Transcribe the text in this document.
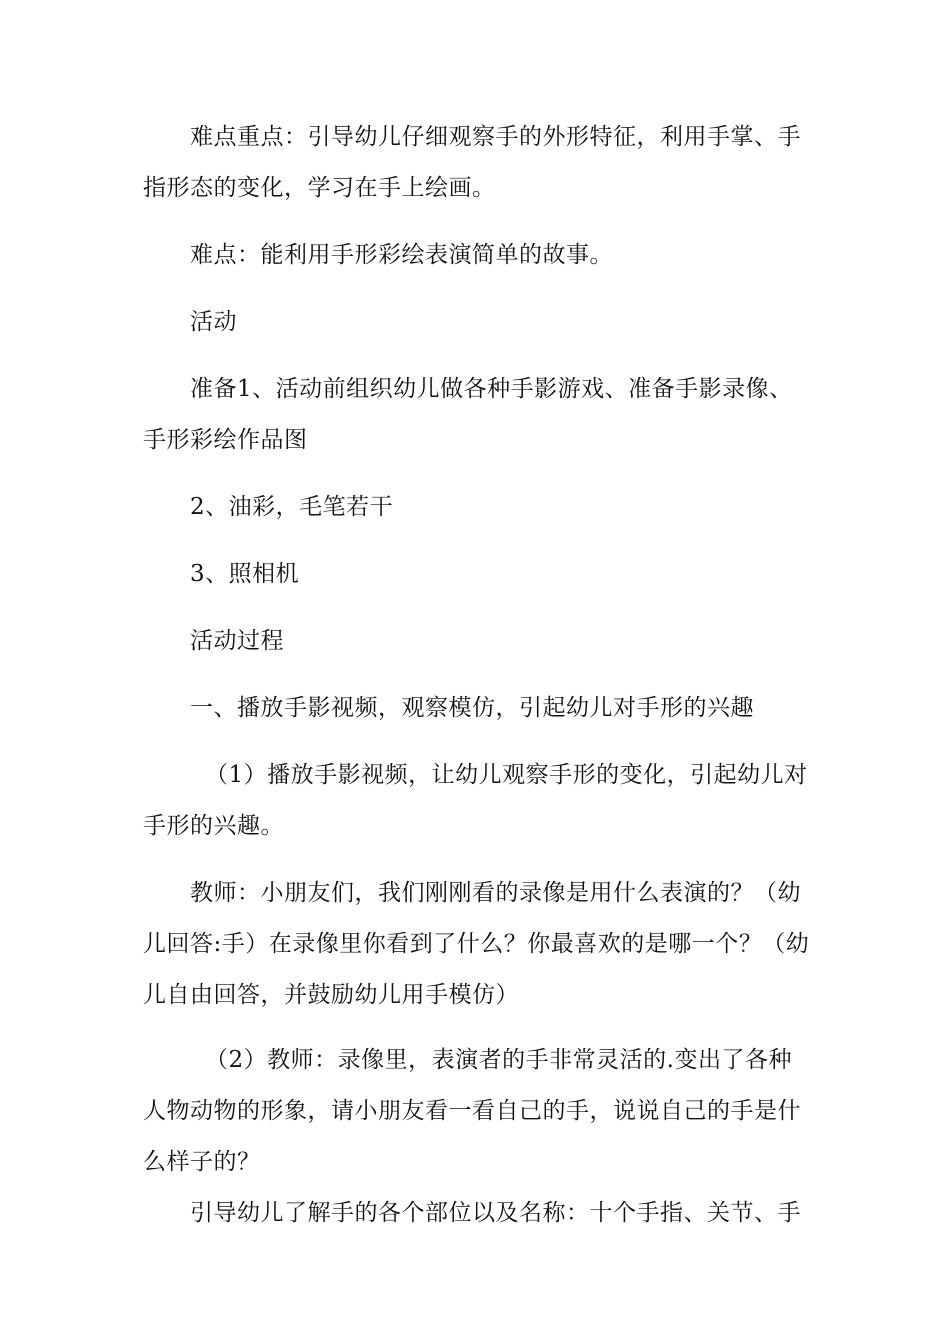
难点重点：引导幼儿仔细观察手的外形特征，利用手掌、手
指形态的变化，学习在手上绘画。
难点：能利用手形彩绘表演简单的故事。
活动
准备1、活动前组织幼儿做各种手影游戏、准备手影录像、
手形彩绘作品图
2、油彩，毛笔若干
3、照相机
活动过程
一、播放手影视频，观察模仿，引起幼儿对手形的兴趣
（1）播放手影视频，让幼儿观察手形的变化，引起幼儿对
手形的兴趣。
教师：小朋友们，我们刚刚看的录像是用什么表演的？（幼
儿回答:手）在录像里你看到了什么？你最喜欢的是哪一个？（幼
儿自由回答，并鼓励幼儿用手模仿）
（2）教师：录像里，表演者的手非常灵活的.变出了各种
人物动物的形象，请小朋友看一看自己的手，说说自己的手是什
么样子的？
引导幼儿了解手的各个部位以及名称：十个手指、关节、手
